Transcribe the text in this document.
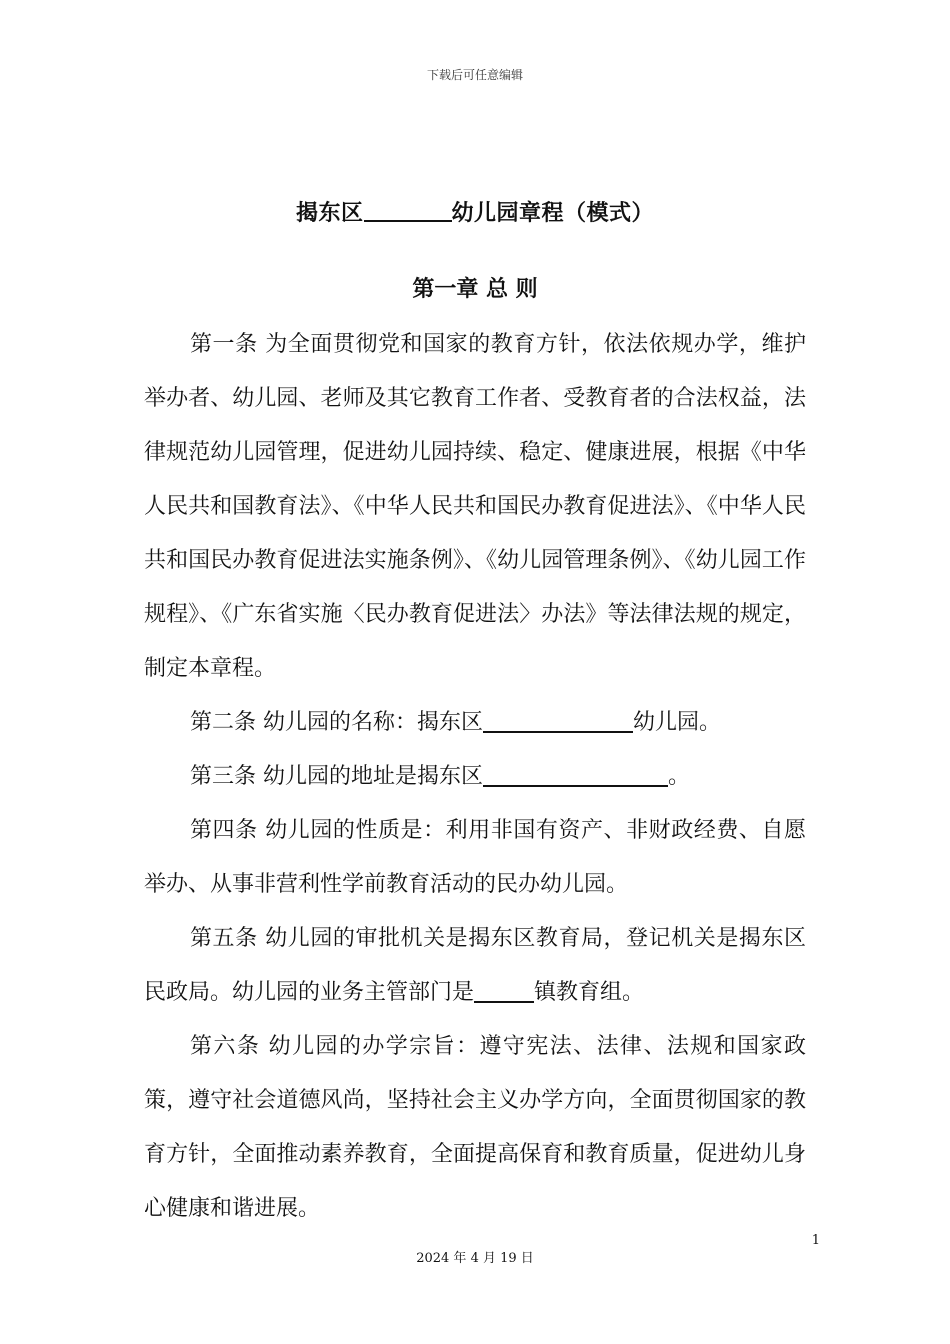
下载后可任意编辑
揭东区	幼儿园章程（模式）
第一章 总 则

第一条 为全面贯彻党和国家的教育方针，依法依规办学，维护举办者、幼儿园、老师及其它教育工作者、受教育者的合法权益，法律规范幼儿园管理，促进幼儿园持续、稳定、健康进展，根据《中华人民共和国教育法》、《中华人民共和国民办教育促进法》、《中华人民共和国民办教育促进法实施条例》、《幼儿园管理条例》、《幼儿园工作规程》、《广东省实施〈民办教育促进法〉办法》等法律法规的规定，制定本章程。

第二条 幼儿园的名称：揭东区	幼儿园。

第三条 幼儿园的地址是揭东区	。

第四条 幼儿园的性质是：利用非国有资产、非财政经费、自愿举办、从事非营利性学前教育活动的民办幼儿园。

第五条 幼儿园的审批机关是揭东区教育局，登记机关是揭东区民政局。幼儿园的业务主管部门是	镇教育组。

第六条 幼儿园的办学宗旨：遵守宪法、法律、法规和国家政策，遵守社会道德风尚，坚持社会主义办学方向，全面贯彻国家的教育方针，全面推动素养教育，全面提高保育和教育质量，促进幼儿身心健康和谐进展。

1
2024 年 4 月 19 日
